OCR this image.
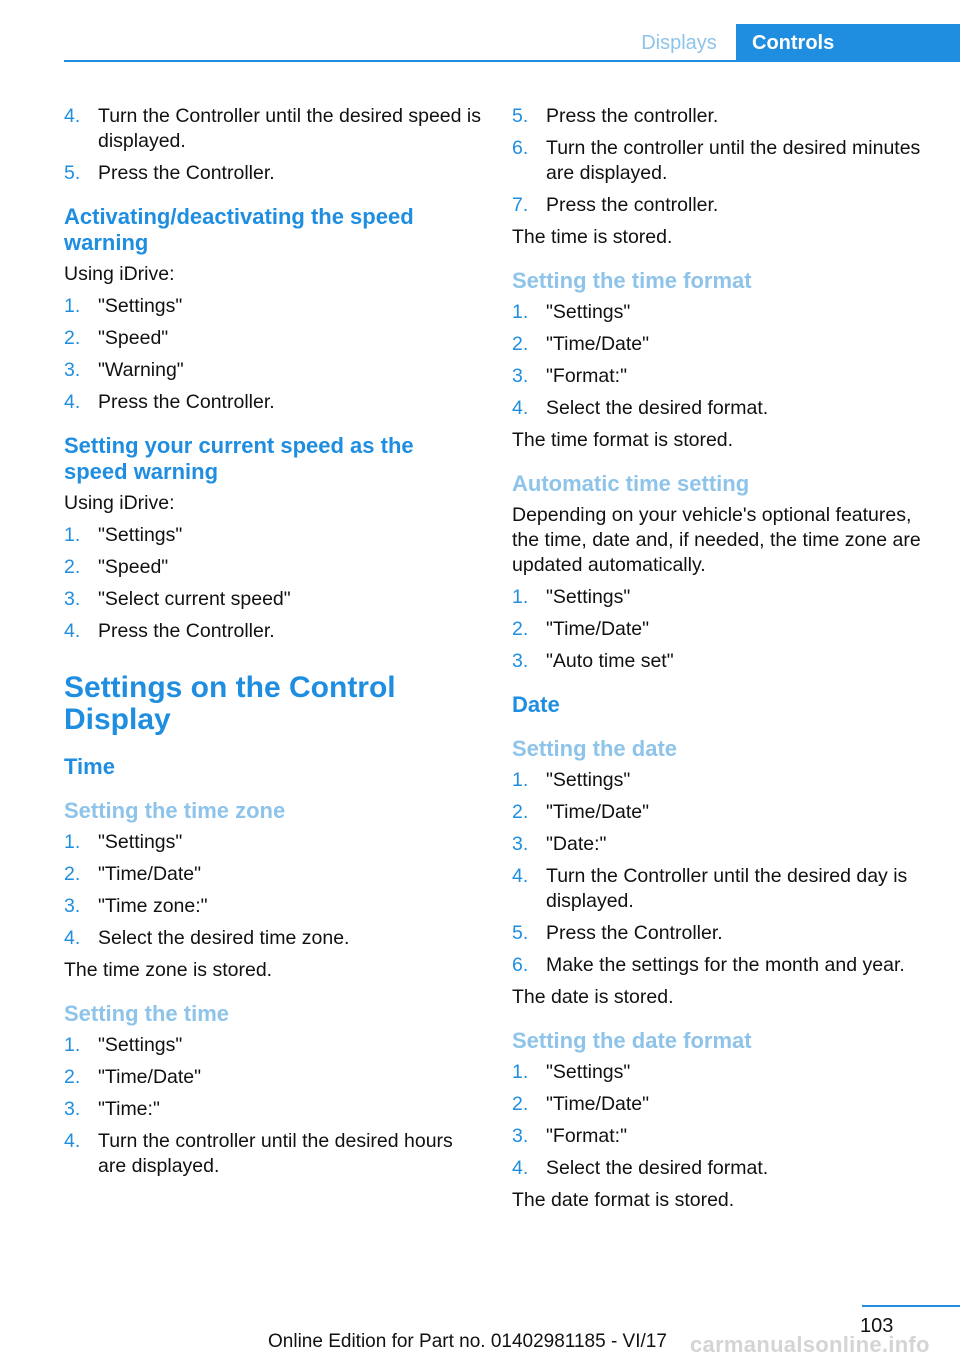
Displays	Controls
4. Turn the Controller until the desired speed is displayed.
5. Press the Controller.
Activating/deactivating the speed warning

Using iDrive:

1. "Settings"
2. "Speed"
3. "Warning"
4. Press the Controller.
Setting your current speed as the speed warning

Using iDrive:

1. "Settings"
2. "Speed"
3. "Select current speed"
4. Press the Controller.
Settings on the Control Display
Time
Setting the time zone
1. "Settings"
2. "Time/Date"
3. "Time zone:"
4. Select the desired time zone.

The time zone is stored.

Setting the time
1. "Settings"
2. "Time/Date"
3. "Time:"
4. Turn the controller until the desired hours are displayed.
5. Press the controller.
6. Turn the controller until the desired minutes are displayed.
7. Press the controller.

The time is stored.

Setting the time format
1. "Settings"
2. "Time/Date"
3. "Format:"
4. Select the desired format.

The time format is stored.

Automatic time setting

Depending on your vehicle's optional features, the time, date and, if needed, the time zone are updated automatically.

1. "Settings"
2. "Time/Date"
3. "Auto time set"
Date
Setting the date
1. "Settings"
2. "Time/Date"
3. "Date:"
4. Turn the Controller until the desired day is displayed.
5. Press the Controller.
6. Make the settings for the month and year.

The date is stored.

Setting the date format
1. "Settings"
2. "Time/Date"
3. "Format:"
4. Select the desired format.

The date format is stored.

103
Online Edition for Part no. 01402981185 - VI/17 carmanualsonline.info
